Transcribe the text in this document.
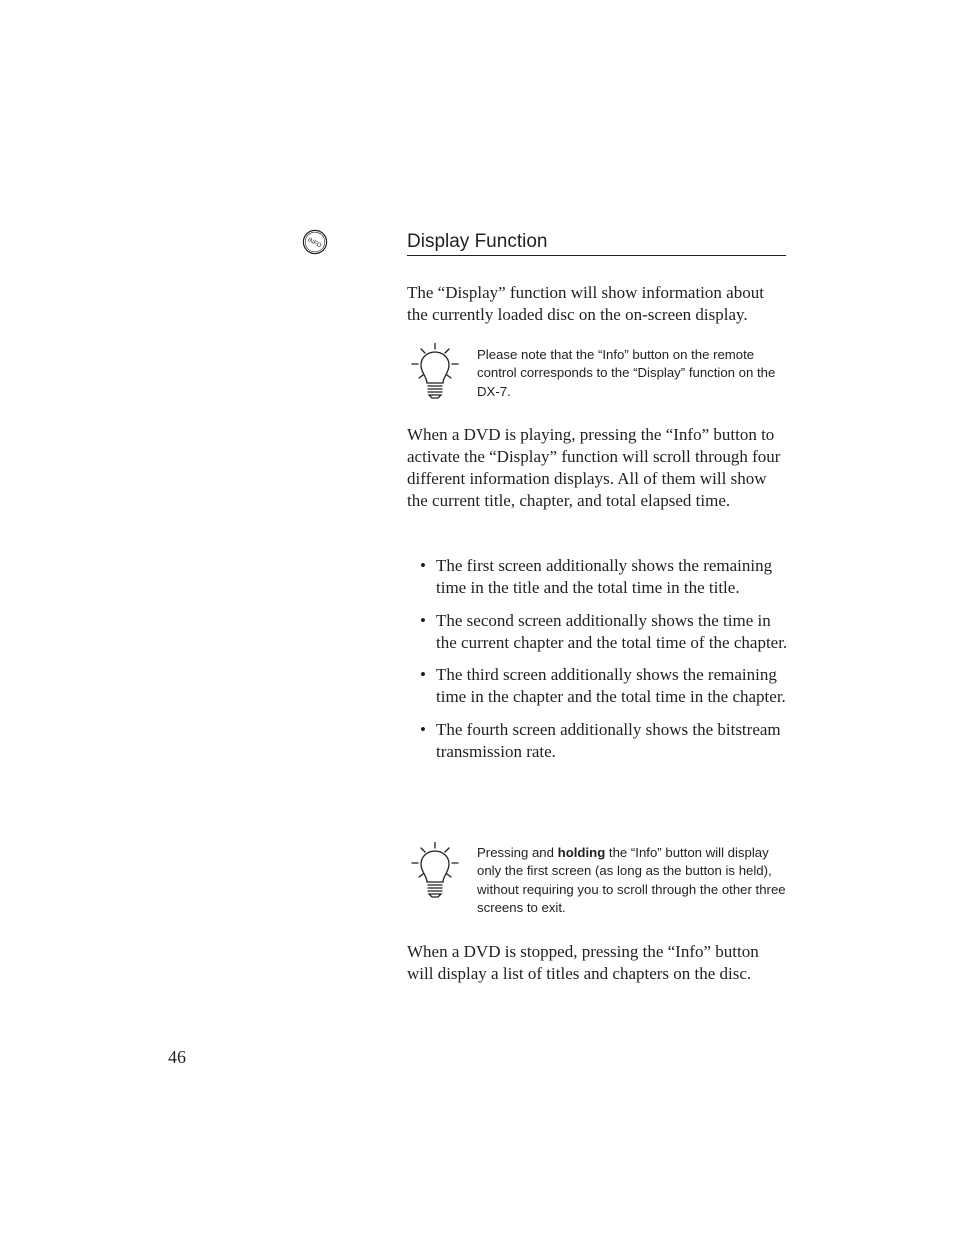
INFO	Display Function

The “Display” function will show information about the currently loaded disc on the on-screen display.

Please note that the “Info” button on the remote control corresponds to the “Display” function on the DX-7.

When a DVD is playing, pressing the “Info” button to activate the “Display” function will scroll through four different information displays. All of them will show the current title, chapter, and total elapsed time.

• The first screen additionally shows the remaining time in the title and the total time in the title.
• The second screen additionally shows the time in the current chapter and the total time of the chapter.
• The third screen additionally shows the remaining time in the chapter and the total time in the chapter.
• The fourth screen additionally shows the bitstream transmission rate.

Pressing and holding the “Info” button will display only the first screen (as long as the button is held), without requiring you to scroll through the other three screens to exit.

When a DVD is stopped, pressing the “Info” button will display a list of titles and chapters on the disc.

46
